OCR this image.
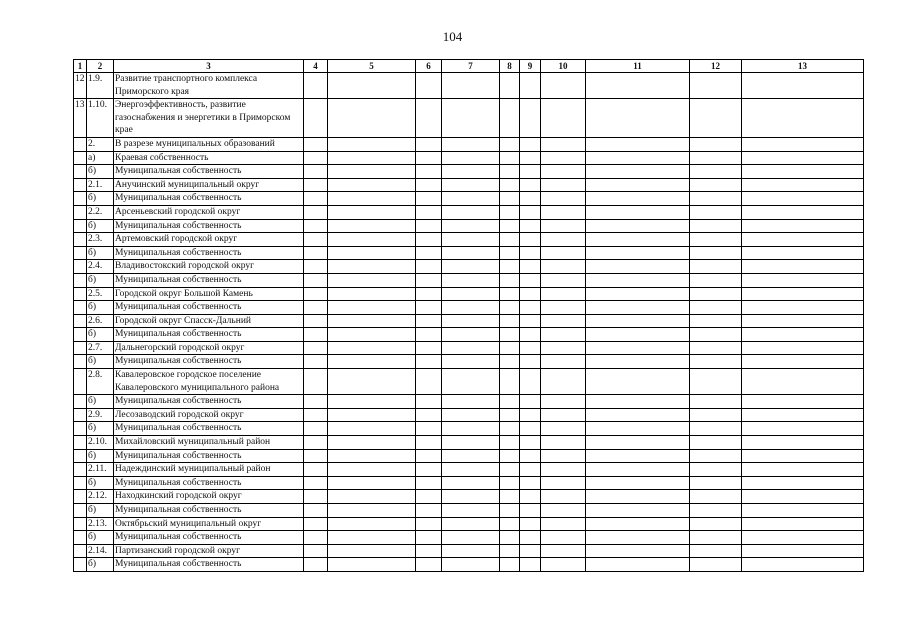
104
1	2	3	4	5	6	7	8	9	10	11	12	13
12	1.9.	Развитие транспортного комплекса Приморского края										
13	1.10.	Энергоэффективность, развитие газоснабжения и энергетики в Приморском крае										
	2.	В разрезе муниципальных образований										
	а)	Краевая собственность										
	б)	Муниципальная собственность										
	2.1.	Анучинский муниципальный округ										
	б)	Муниципальная собственность										
	2.2.	Арсеньевский городской округ										
	б)	Муниципальная собственность										
	2.3.	Артемовский городской округ										
	б)	Муниципальная собственность										
	2.4.	Владивостокский городской округ										
	б)	Муниципальная собственность										
	2.5.	Городской округ Большой Камень										
	б)	Муниципальная собственность										
	2.6.	Городской округ Спасск-Дальний										
	б)	Муниципальная собственность										
	2.7.	Дальнегорский городской округ										
	б)	Муниципальная собственность										
	2.8.	Кавалеровское городское поселение Кавалеровского муниципального района										
	б)	Муниципальная собственность										
	2.9.	Лесозаводский городской округ										
	б)	Муниципальная собственность										
	2.10.	Михайловский муниципальный район										
	б)	Муниципальная собственность										
	2.11.	Надеждинский муниципальный район										
	б)	Муниципальная собственность										
	2.12.	Находкинский городской округ										
	б)	Муниципальная собственность										
	2.13.	Октябрьский муниципальный округ										
	б)	Муниципальная собственность										
	2.14.	Партизанский городской округ										
	б)	Муниципальная собственность										
